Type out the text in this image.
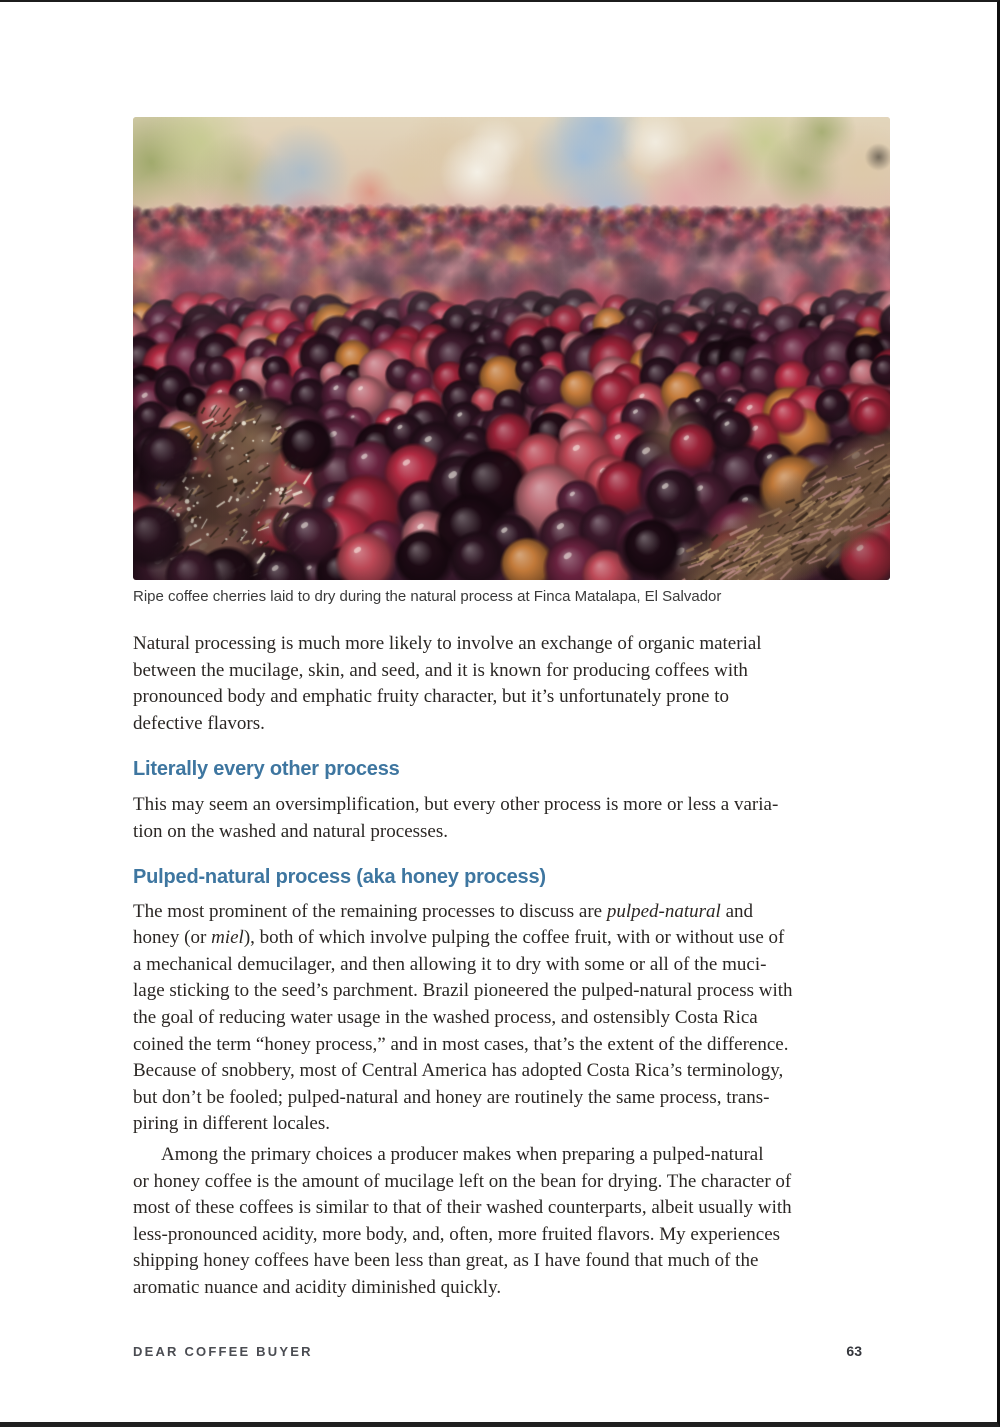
Ripe coffee cherries laid to dry during the natural process at Finca Matalapa, El Salvador

Natural processing is much more likely to involve an exchange of organic material
between the mucilage, skin, and seed, and it is known for producing coffees with
pronounced body and emphatic fruity character, but it’s unfortunately prone to
defective flavors.

Literally every other process

This may seem an oversimplification, but every other process is more or less a varia-
tion on the washed and natural processes.

Pulped-natural process (aka honey process)

The most prominent of the remaining processes to discuss are pulped-natural and
honey (or miel), both of which involve pulping the coffee fruit, with or without use of
a mechanical demucilager, and then allowing it to dry with some or all of the muci-
lage sticking to the seed’s parchment. Brazil pioneered the pulped-natural process with
the goal of reducing water usage in the washed process, and ostensibly Costa Rica
coined the term “honey process,” and in most cases, that’s the extent of the difference.
Because of snobbery, most of Central America has adopted Costa Rica’s terminology,
but don’t be fooled; pulped-natural and honey are routinely the same process, trans-
piring in different locales.

Among the primary choices a producer makes when preparing a pulped-natural
or honey coffee is the amount of mucilage left on the bean for drying. The character of
most of these coffees is similar to that of their washed counterparts, albeit usually with
less-pronounced acidity, more body, and, often, more fruited flavors. My experiences
shipping honey coffees have been less than great, as I have found that much of the
aromatic nuance and acidity diminished quickly.

DEAR COFFEE BUYER	63
